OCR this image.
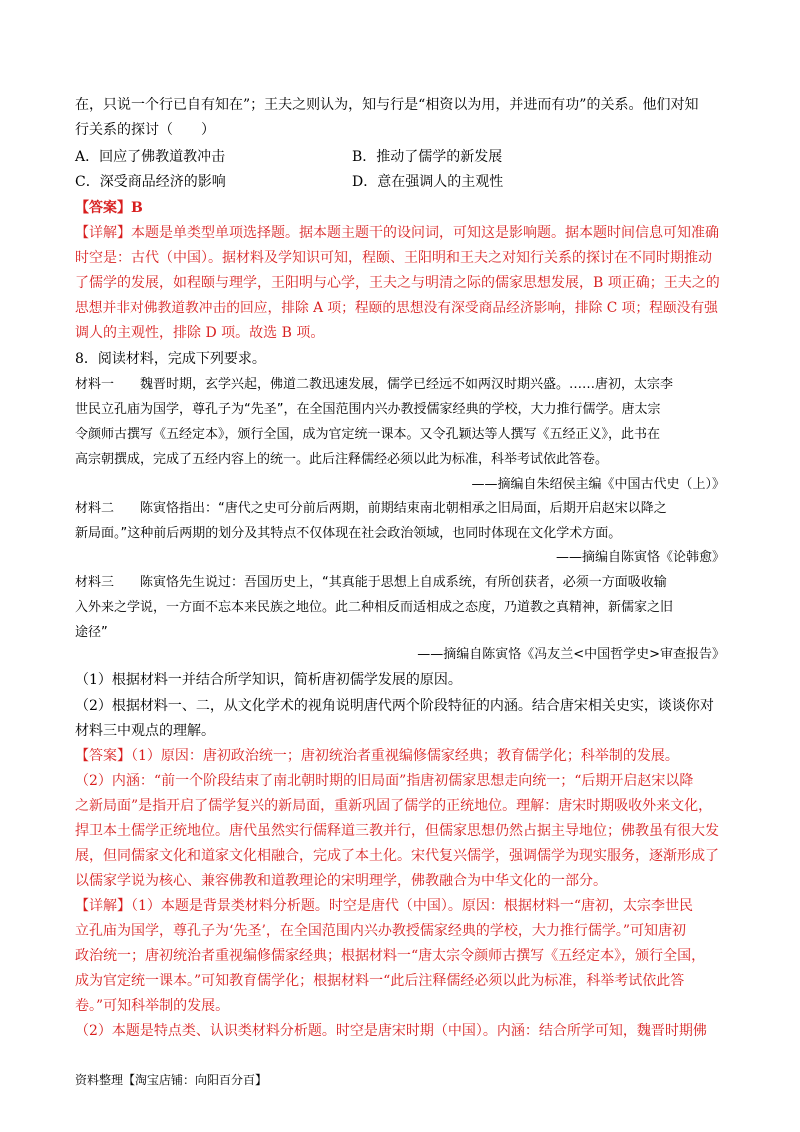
在，只说一个行已自有知在”；王夫之则认为，知与行是“相资以为用，并进而有功”的关系。他们对知
行关系的探讨（　　）
A．回应了佛教道教冲击	B．推动了儒学的新发展
C．深受商品经济的影响	D．意在强调人的主观性
【答案】B
【详解】本题是单类型单项选择题。据本题主题干的设问词，可知这是影响题。据本题时间信息可知准确
时空是：古代（中国）。据材料及学知识可知，程颐、王阳明和王夫之对知行关系的探讨在不同时期推动
了儒学的发展，如程颐与理学，王阳明与心学，王夫之与明清之际的儒家思想发展，B 项正确；王夫之的
思想并非对佛教道教冲击的回应，排除 A 项；程颐的思想没有深受商品经济影响，排除 C 项；程颐没有强
调人的主观性，排除 D 项。故选 B 项。
8．阅读材料，完成下列要求。
材料一　　魏晋时期，玄学兴起，佛道二教迅速发展，儒学已经远不如两汉时期兴盛。……唐初，太宗李
世民立孔庙为国学，尊孔子为“先圣”，在全国范围内兴办教授儒家经典的学校，大力推行儒学。唐太宗
令颜师古撰写《五经定本》，颁行全国，成为官定统一课本。又令孔颖达等人撰写《五经正义》，此书在
高宗朝撰成，完成了五经内容上的统一。此后注释儒经必须以此为标准，科举考试依此答卷。
——摘编自朱绍侯主编《中国古代史（上）》
材料二　　陈寅恪指出：“唐代之史可分前后两期，前期结束南北朝相承之旧局面，后期开启赵宋以降之
新局面。”这种前后两期的划分及其特点不仅体现在社会政治领域，也同时体现在文化学术方面。
——摘编自陈寅恪《论韩愈》
材料三　　陈寅恪先生说过：吾国历史上，“其真能于思想上自成系统，有所创获者，必须一方面吸收输
入外来之学说，一方面不忘本来民族之地位。此二种相反而适相成之态度，乃道教之真精神，新儒家之旧
途径”
——摘编自陈寅恪《冯友兰<中国哲学史>审查报告》
（1）根据材料一并结合所学知识，简析唐初儒学发展的原因。
（2）根据材料一、二，从文化学术的视角说明唐代两个阶段特征的内涵。结合唐宋相关史实，谈谈你对
材料三中观点的理解。
【答案】（1）原因：唐初政治统一；唐初统治者重视编修儒家经典；教育儒学化；科举制的发展。
（2）内涵：“前一个阶段结束了南北朝时期的旧局面”指唐初儒家思想走向统一；“后期开启赵宋以降
之新局面”是指开启了儒学复兴的新局面，重新巩固了儒学的正统地位。理解：唐宋时期吸收外来文化，
捍卫本土儒学正统地位。唐代虽然实行儒释道三教并行，但儒家思想仍然占据主导地位；佛教虽有很大发
展，但同儒家文化和道家文化相融合，完成了本土化。宋代复兴儒学，强调儒学为现实服务，逐渐形成了
以儒家学说为核心、兼容佛教和道教理论的宋明理学，佛教融合为中华文化的一部分。
【详解】（1）本题是背景类材料分析题。时空是唐代（中国）。原因：根据材料一“唐初，太宗李世民
立孔庙为国学，尊孔子为‘先圣’，在全国范围内兴办教授儒家经典的学校，大力推行儒学。”可知唐初
政治统一；唐初统治者重视编修儒家经典；根据材料一“唐太宗令颜师古撰写《五经定本》，颁行全国，
成为官定统一课本。”可知教育儒学化；根据材料一“此后注释儒经必须以此为标准，科举考试依此答
卷。”可知科举制的发展。
（2）本题是特点类、认识类材料分析题。时空是唐宋时期（中国）。内涵：结合所学可知，魏晋时期佛
资料整理【淘宝店铺：向阳百分百】
